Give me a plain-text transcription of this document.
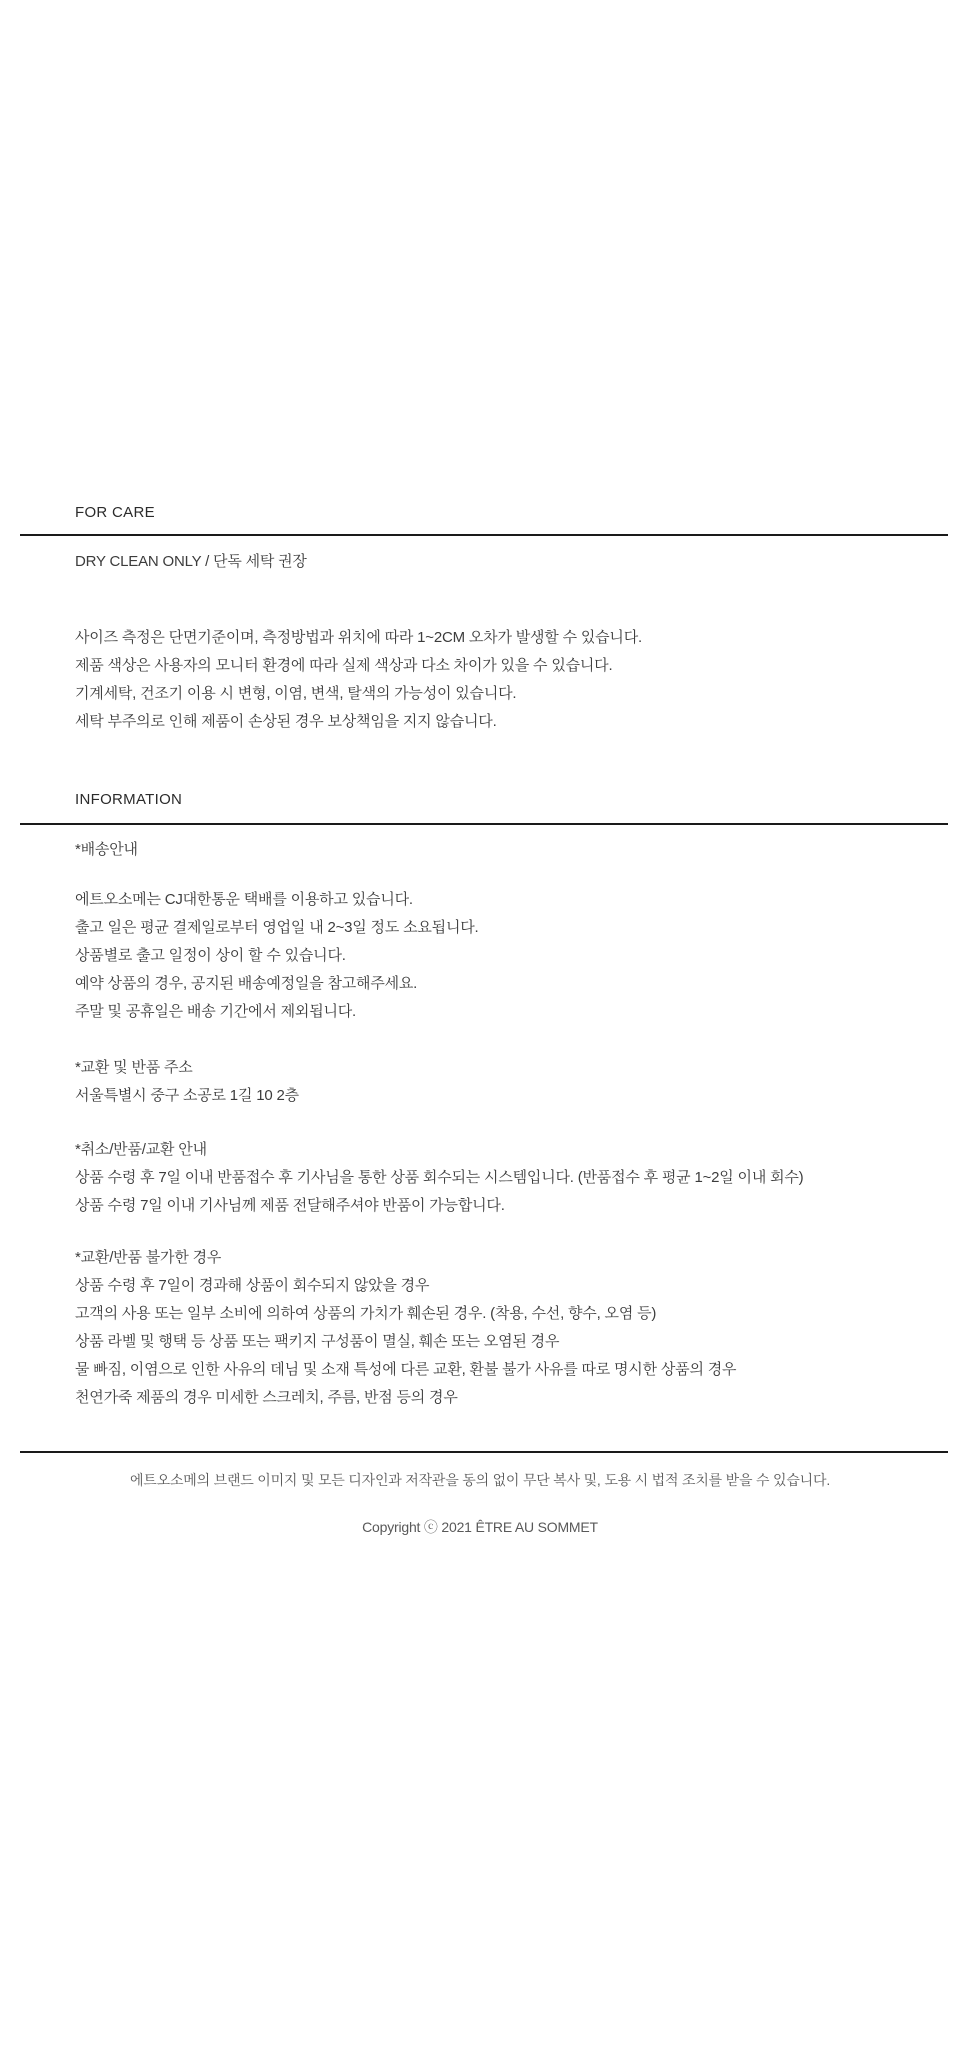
FOR CARE
DRY CLEAN ONLY / 단독 세탁 권장
사이즈 측정은 단면기준이며, 측정방법과 위치에 따라 1~2CM 오차가 발생할 수 있습니다.
제품 색상은 사용자의 모니터 환경에 따라 실제 색상과 다소 차이가 있을 수 있습니다.
기계세탁, 건조기 이용 시 변형, 이염, 변색, 탈색의 가능성이 있습니다.
세탁 부주의로 인해 제품이 손상된 경우 보상책임을 지지 않습니다.
INFORMATION
*배송안내
에트오소메는 CJ대한통운 택배를 이용하고 있습니다.
출고 일은 평균 결제일로부터 영업일 내 2~3일 정도 소요됩니다.
상품별로 출고 일정이 상이 할 수 있습니다.
예약 상품의 경우, 공지된 배송예정일을 참고해주세요.
주말 및 공휴일은 배송 기간에서 제외됩니다.
*교환 및 반품 주소
서울특별시 중구 소공로 1길 10 2층
*취소/반품/교환 안내
상품 수령 후 7일 이내 반품접수 후 기사님을 통한 상품 회수되는 시스템입니다. (반품접수 후 평균 1~2일 이내 회수)
상품 수령 7일 이내 기사님께 제품 전달해주셔야 반품이 가능합니다.
*교환/반품 불가한 경우
상품 수령 후 7일이 경과해 상품이 회수되지 않았을 경우
고객의 사용 또는 일부 소비에 의하여 상품의 가치가 훼손된 경우. (착용, 수선, 향수, 오염 등)
상품 라벨 및 행택 등 상품 또는 팩키지 구성품이 멸실, 훼손 또는 오염된 경우
물 빠짐, 이염으로 인한 사유의 데님 및 소재 특성에 다른 교환, 환불 불가 사유를 따로 명시한 상품의 경우
천연가죽 제품의 경우 미세한 스크레치, 주름, 반점 등의 경우
에트오소메의 브랜드 이미지 및 모든 디자인과 저작관을 동의 없이 무단 복사 및, 도용 시 법적 조치를 받을 수 있습니다.
Copyright ⓒ 2021 ÊTRE AU SOMMET
